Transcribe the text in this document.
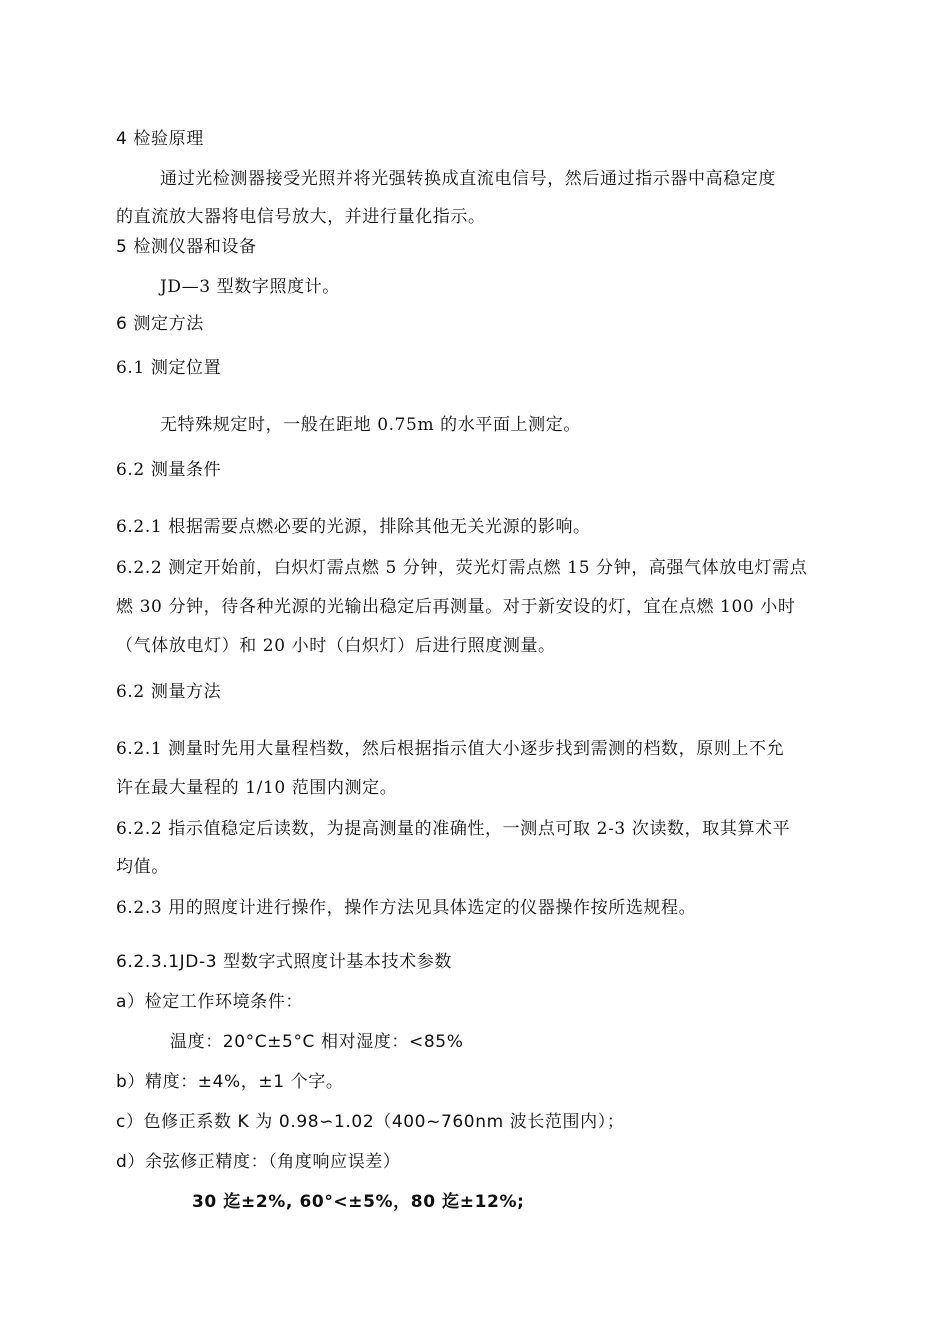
4 检验原理
通过光检测器接受光照并将光强转换成直流电信号，然后通过指示器中高稳定度
的直流放大器将电信号放大，并进行量化指示。
5 检测仪器和设备
JD—3 型数字照度计。
6 测定方法
6.1 测定位置
无特殊规定时，一般在距地 0.75m 的水平面上测定。
6.2 测量条件
6.2.1 根据需要点燃必要的光源，排除其他无关光源的影响。
6.2.2 测定开始前，白炽灯需点燃 5 分钟，荧光灯需点燃 15 分钟，高强气体放电灯需点
燃 30 分钟，待各种光源的光输出稳定后再测量。对于新安设的灯，宜在点燃 100 小时
（气体放电灯）和 20 小时（白炽灯）后进行照度测量。
6.2 测量方法
6.2.1 测量时先用大量程档数，然后根据指示值大小逐步找到需测的档数，原则上不允
许在最大量程的 1/10 范围内测定。
6.2.2 指示值稳定后读数，为提高测量的准确性，一测点可取 2-3 次读数，取其算术平
均值。
6.2.3 用的照度计进行操作，操作方法见具体选定的仪器操作按所选规程。
6.2.3.1JD-3 型数字式照度计基本技术参数
a）检定工作环境条件：
温度：20°C±5°C 相对湿度：<85%
b）精度：±4%，±1 个字。
c）色修正系数 K 为 0.98∽1.02（400~760nm 波长范围内）；
d）余弦修正精度：（角度响应误差）
30 迄±2%, 60°<±5%，80 迄±12%;
